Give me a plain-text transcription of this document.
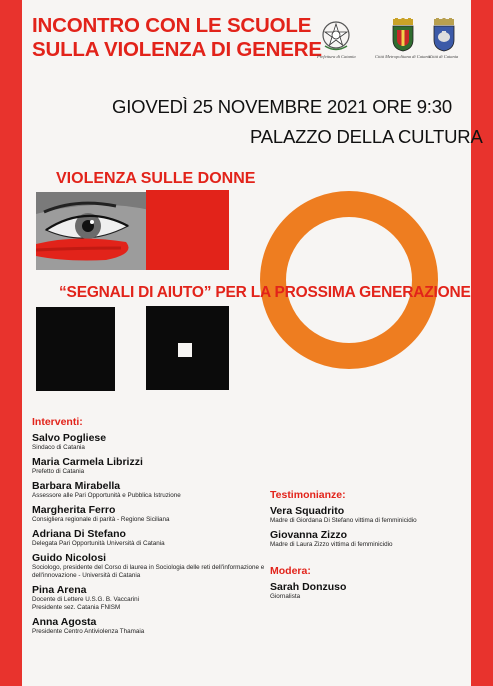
INCONTRO CON LE SCUOLE
SULLA VIOLENZA DI GENERE
Prefettura di Catania	Città Metropolitana di Catania
Città di Catania
GIOVEDÌ 25 NOVEMBRE 2021 ORE 9:30
PALAZZO DELLA CULTURA
VIOLENZA SULLE DONNE
“SEGNALI DI AIUTO” PER LA PROSSIMA GENERAZIONE
Interventi:
Salvo Pogliese
Sindaco di Catania
Maria Carmela Librizzi
Prefetto di Catania
Barbara Mirabella
Assessore alle Pari Opportunità e Pubblica Istruzione
Margherita Ferro
Consigliera regionale di parità - Regione Siciliana
Adriana Di Stefano
Delegata Pari Opportunità Università di Catania
Guido Nicolosi
Sociologo, presidente del Corso di laurea in Sociologia delle reti dell'informazione e dell'innovazione - Università di Catania
Pina Arena
Docente di Lettere U.S.G. B. Vaccarini
Presidente sez. Catania FNISM
Anna Agosta
Presidente Centro Antiviolenza Thamaia
Testimonianze:
Vera Squadrito
Madre di Giordana Di Stefano vittima di femminicidio
Giovanna Zizzo
Madre di Laura Zizzo vittima di femminicidio
Modera:
Sarah Donzuso
Giornalista
